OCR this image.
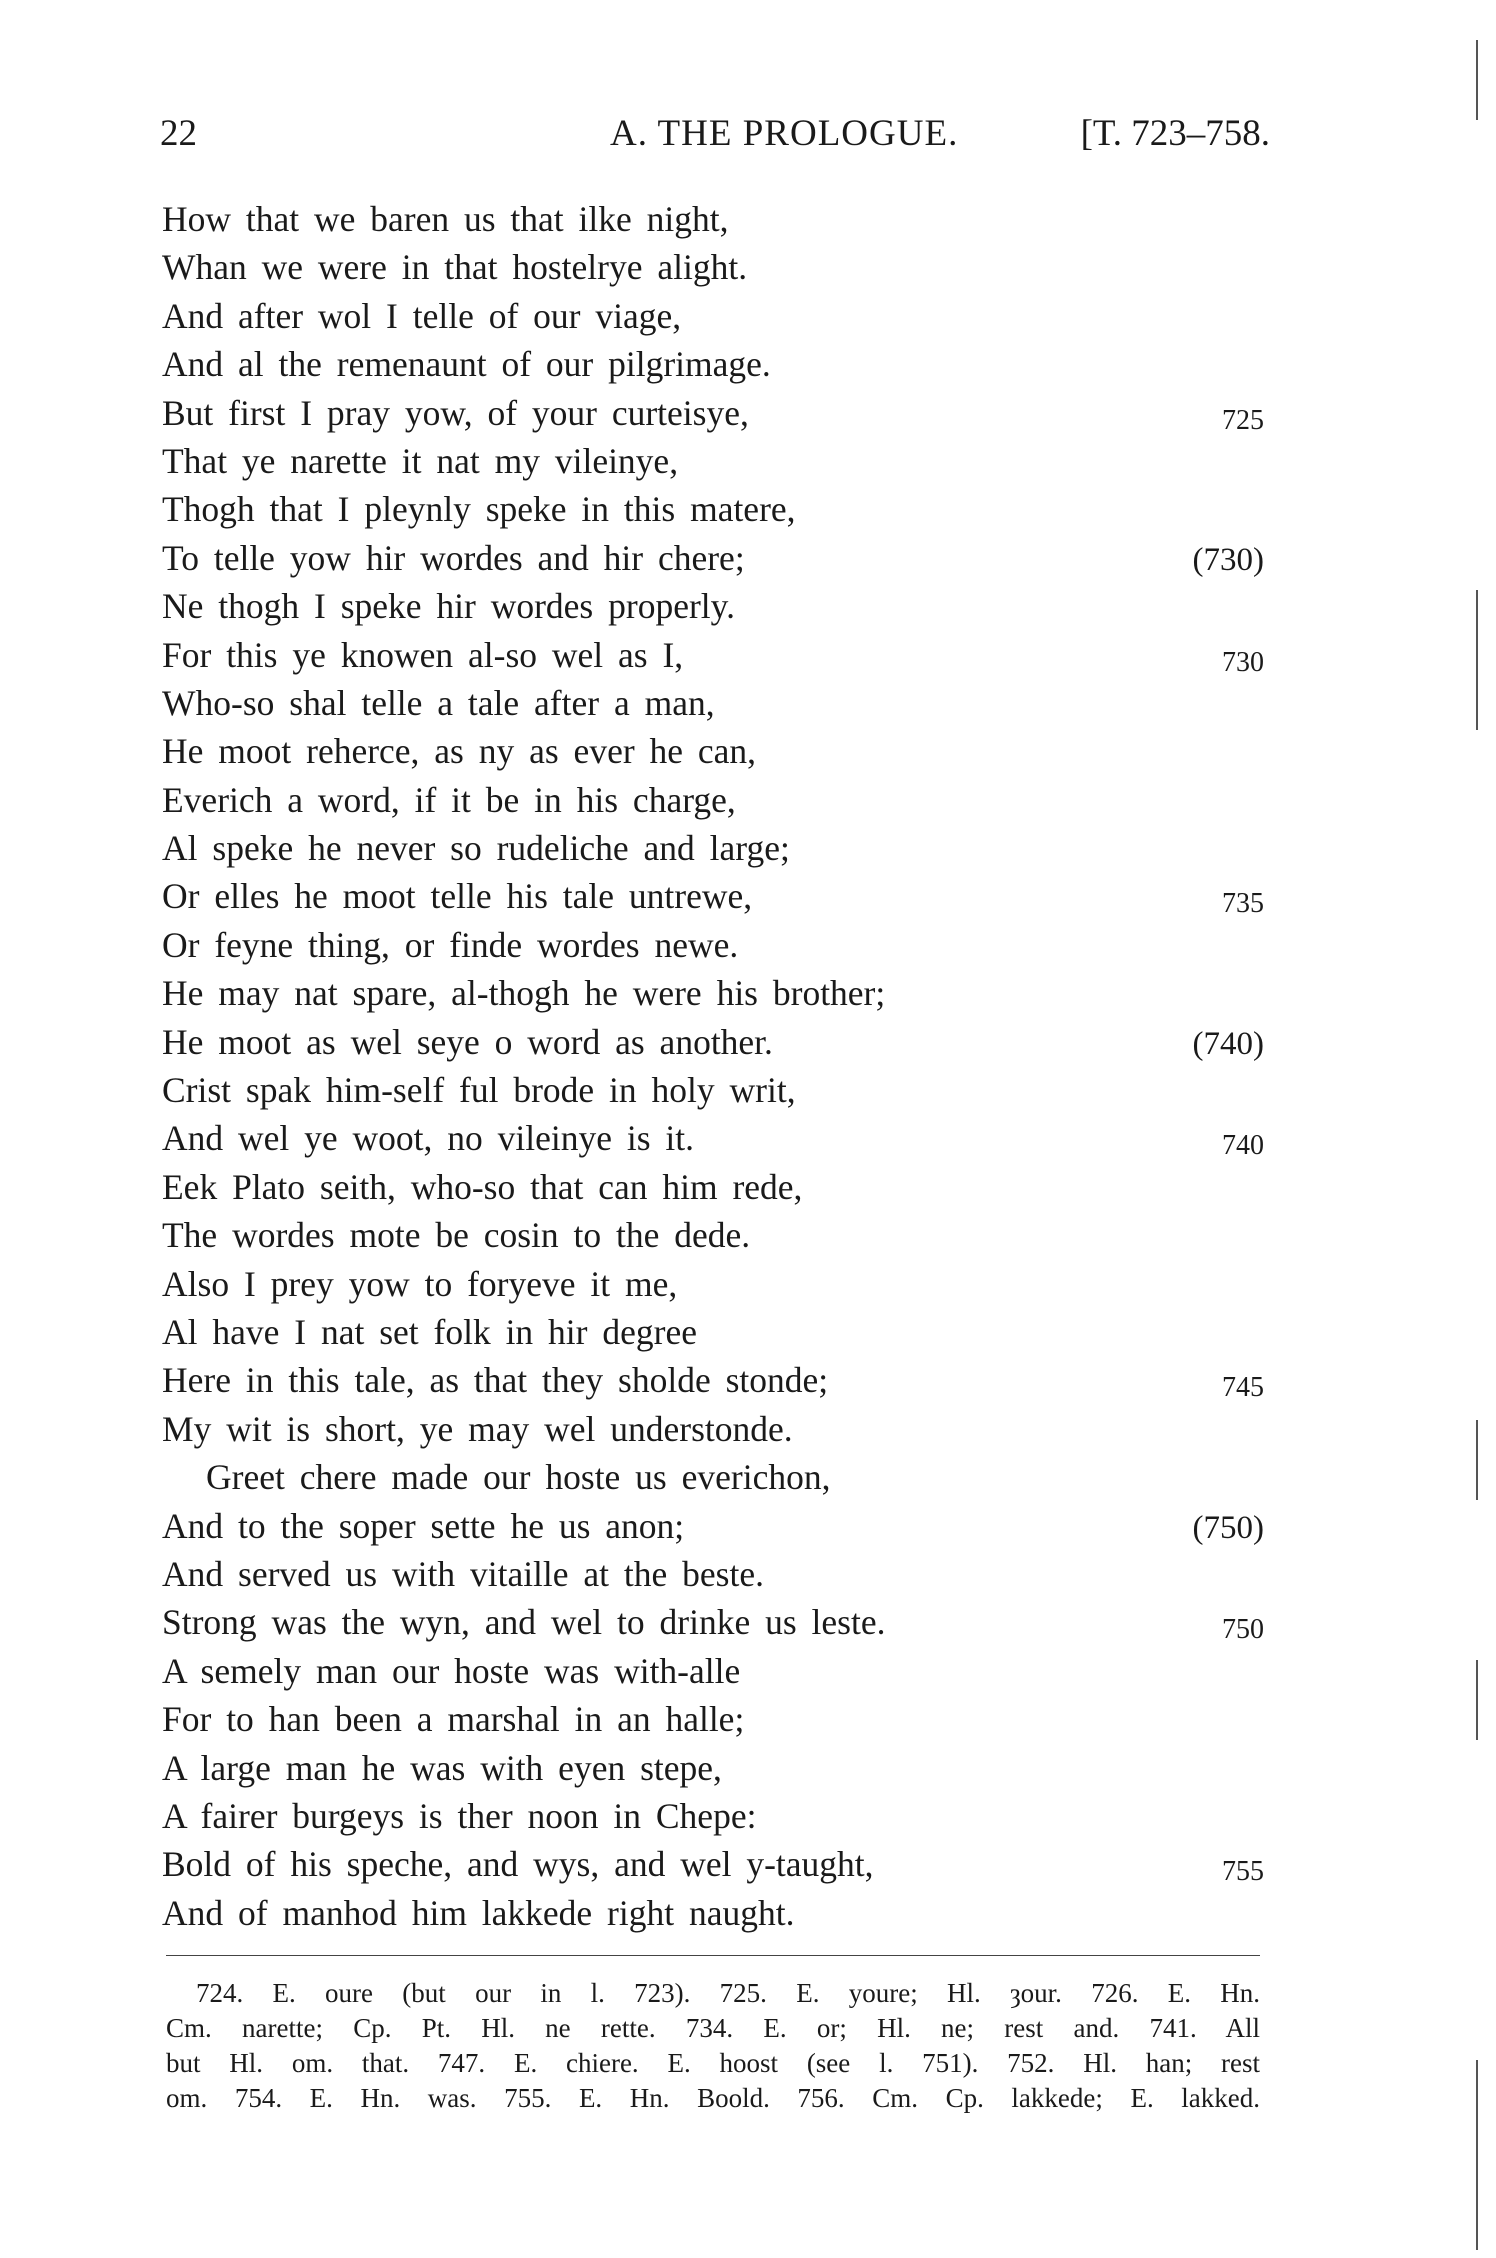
22	A. THE PROLOGUE.	[T. 723–758.
How that we baren us that ilke night,
Whan we were in that hostelrye alight.
And after wol I telle of our viage,
And al the remenaunt of our pilgrimage.
But first I pray yow, of your curteisye,	725
That ye narette it nat my vileinye,
Thogh that I pleynly speke in this matere,
To telle yow hir wordes and hir chere;	(730)
Ne thogh I speke hir wordes properly.
For this ye knowen al-so wel as I,	730
Who-so shal telle a tale after a man,
He moot reherce, as ny as ever he can,
Everich a word, if it be in his charge,
Al speke he never so rudeliche and large;
Or elles he moot telle his tale untrewe,	735
Or feyne thing, or finde wordes newe.
He may nat spare, al-thogh he were his brother;
He moot as wel seye o word as another.	(740)
Crist spak him-self ful brode in holy writ,
And wel ye woot, no vileinye is it.	740
Eek Plato seith, who-so that can him rede,
The wordes mote be cosin to the dede.
Also I prey yow to foryeve it me,
Al have I nat set folk in hir degree
Here in this tale, as that they sholde stonde;	745
My wit is short, ye may wel understonde.
Greet chere made our hoste us everichon,
And to the soper sette he us anon;	(750)
And served us with vitaille at the beste.
Strong was the wyn, and wel to drinke us leste.	750
A semely man our hoste was with-alle
For to han been a marshal in an halle;
A large man he was with eyen stepe,
A fairer burgeys is ther noon in Chepe:
Bold of his speche, and wys, and wel y-taught,	755
And of manhod him lakkede right naught.
724. E. oure (but our in l. 723). 725. E. youre; Hl. ȝour. 726. E. Hn.
Cm. narette; Cp. Pt. Hl. ne rette. 734. E. or; Hl. ne; rest and. 741. All
but Hl. om. that. 747. E. chiere. E. hoost (see l. 751). 752. Hl. han; rest
om. 754. E. Hn. was. 755. E. Hn. Boold. 756. Cm. Cp. lakkede; E. lakked.
